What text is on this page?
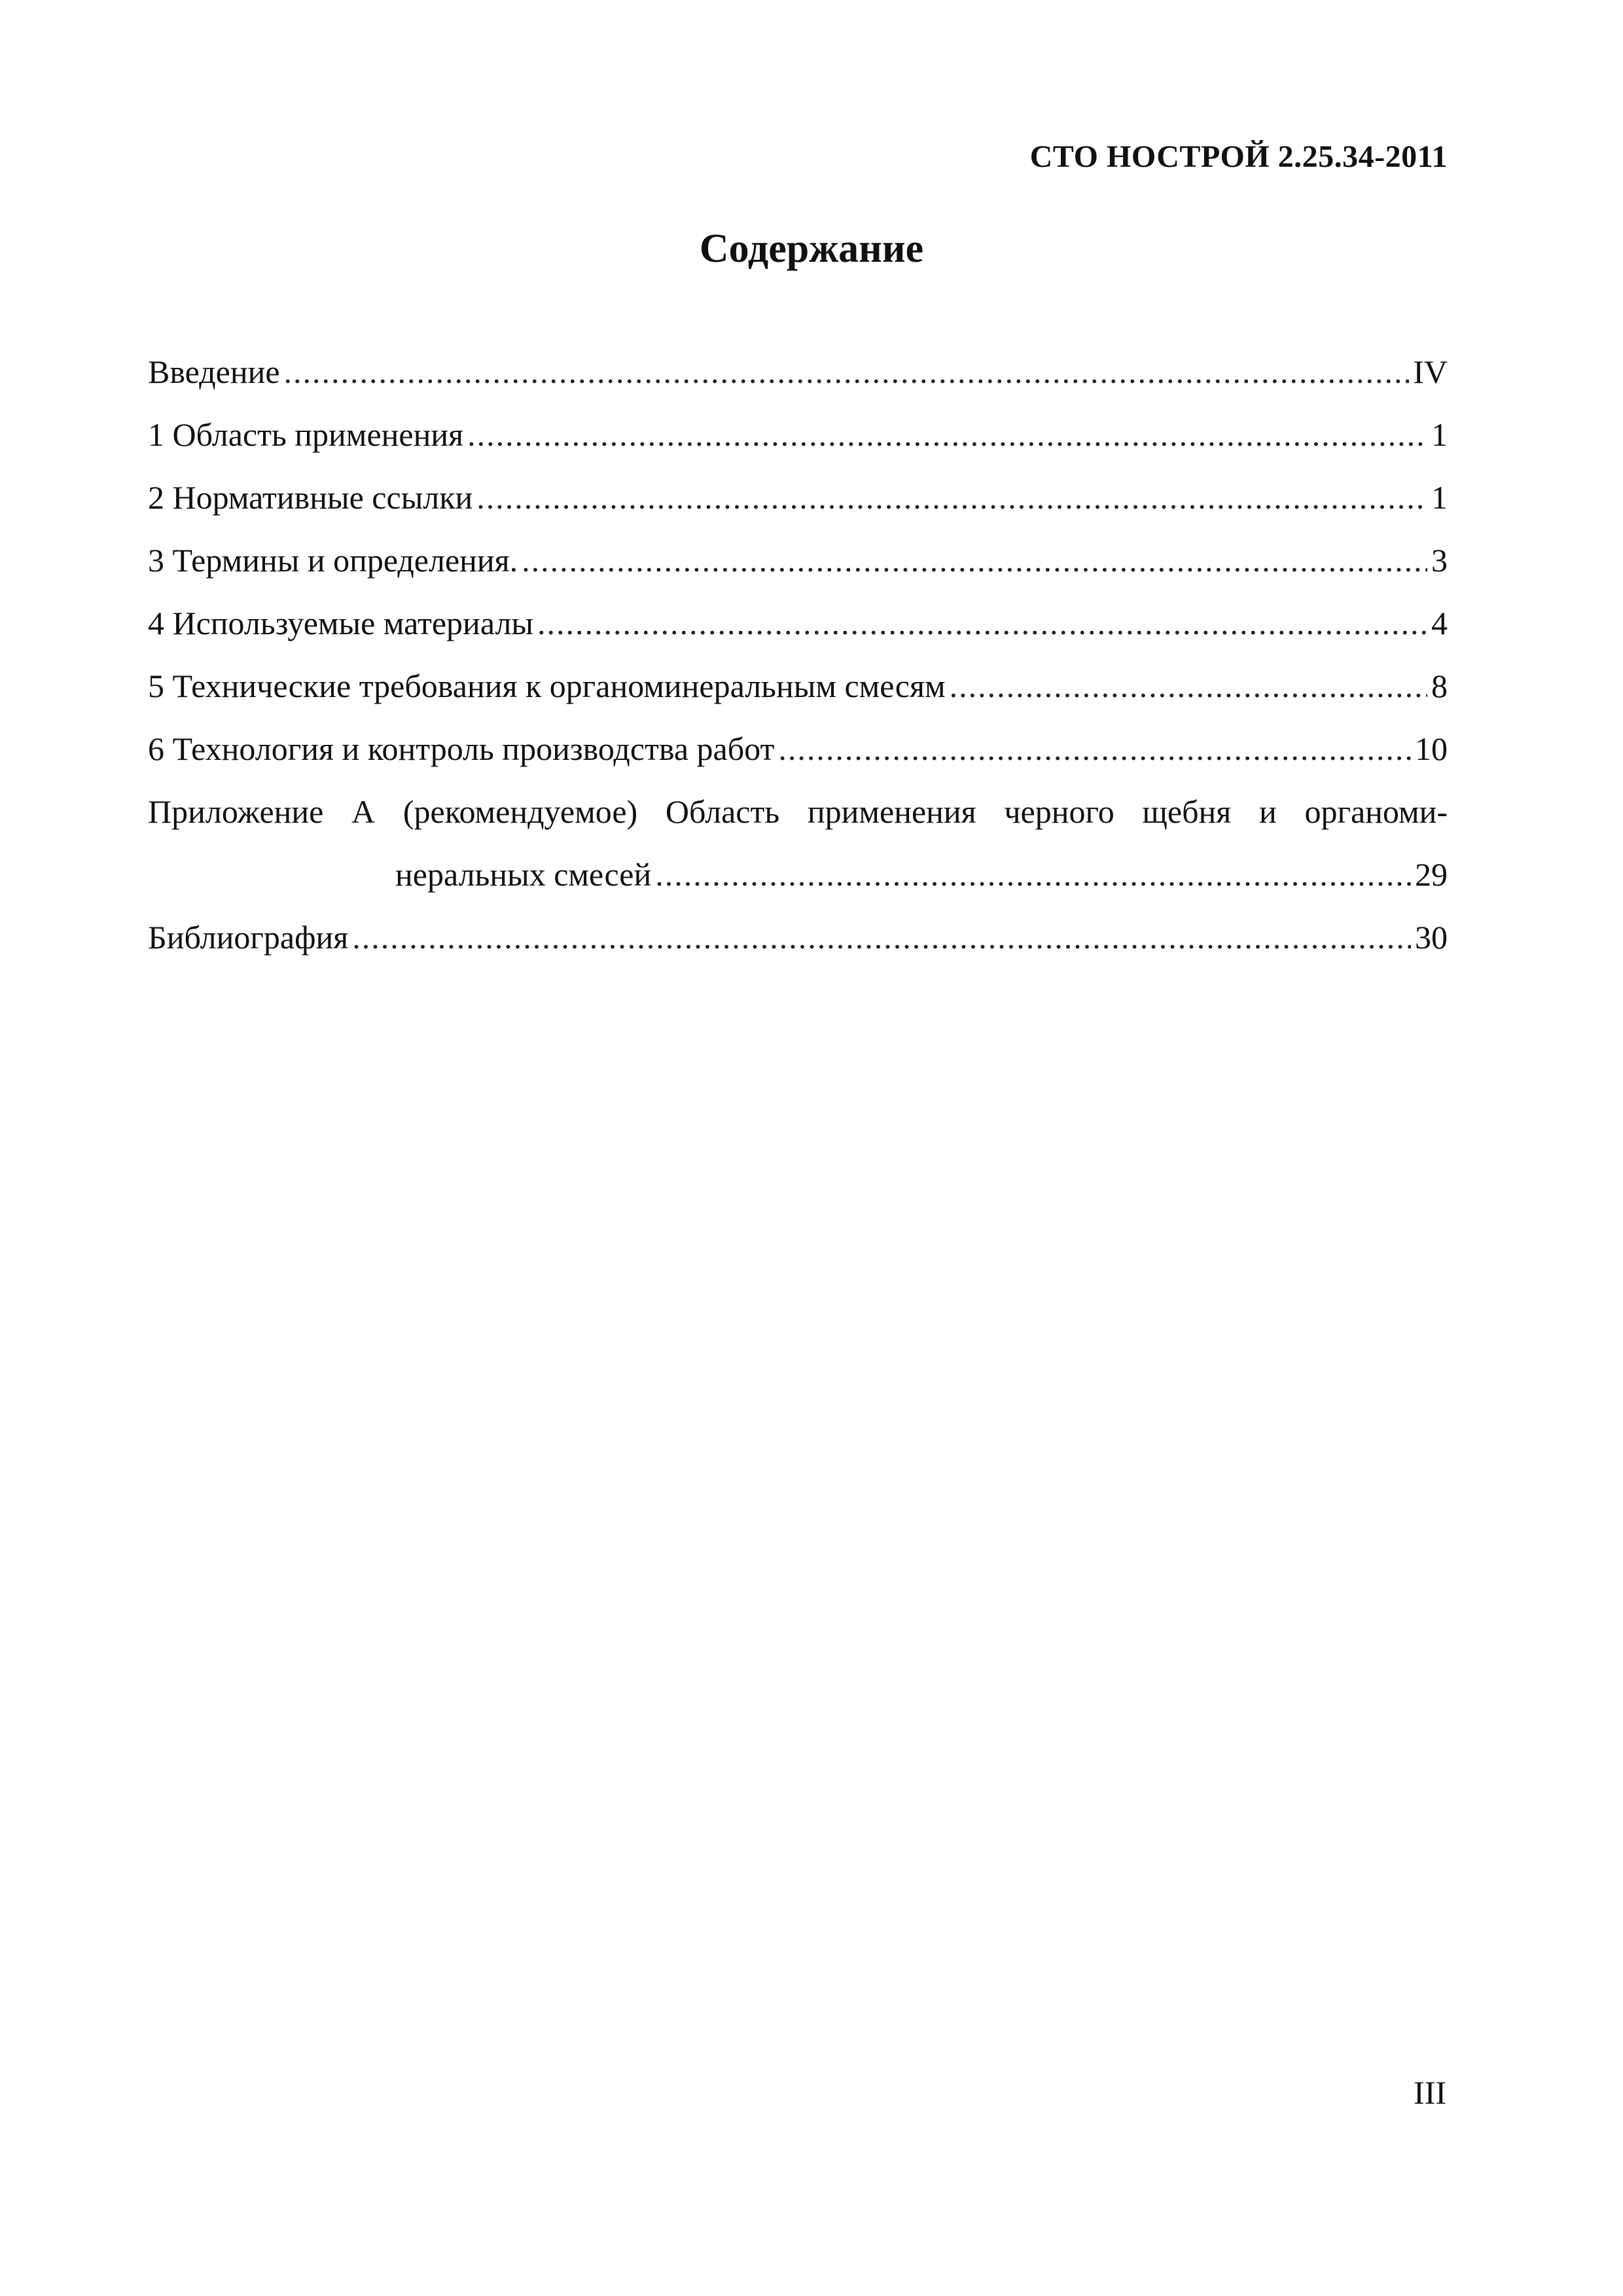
СТО НОСТРОЙ 2.25.34-2011
Содержание
Введение .....	IV
1 Область применения .....	1
2 Нормативные ссылки .....	1
3 Термины и определения. .....	3
4 Используемые материалы .....	4
5 Технические требования к органоминеральным смесям .....	8
6 Технология и контроль производства работ .....	10
Приложение А (рекомендуемое) Область применения черного щебня и органоми-
неральных смесей .....	29
Библиография .....	30
III
